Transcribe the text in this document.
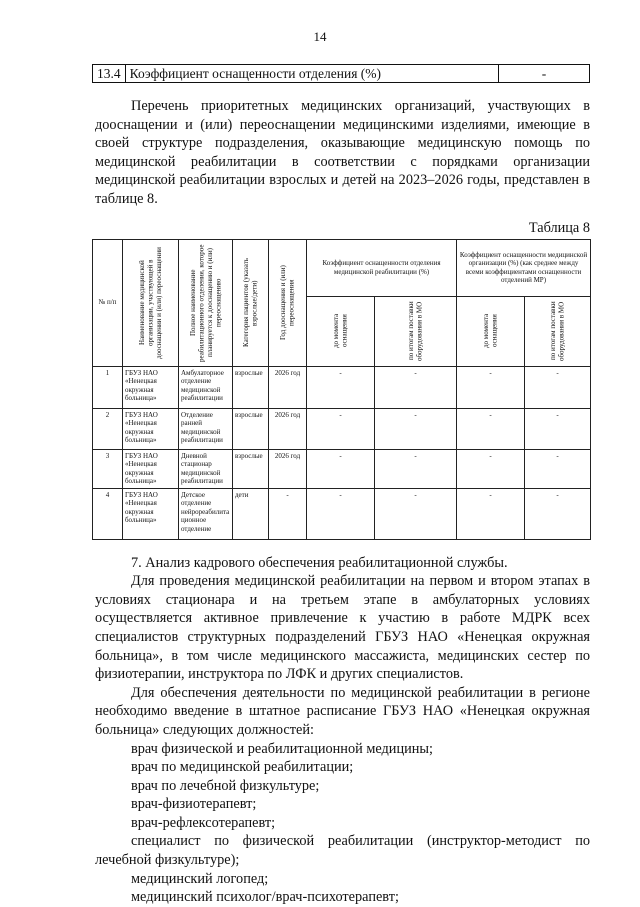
14
13.4	Коэффициент оснащенности отделения (%)	-

Перечень приоритетных медицинских организаций, участвующих в дооснащении и (или) переоснащении медицинскими изделиями, имеющие в своей структуре подразделения, оказывающие медицинскую помощь по медицинской реабилитации в соответствии с порядками организации медицинской реабилитации взрослых и детей на 2023–2026 годы, представлен в таблице 8.

Таблица 8
№ п/п	Наименование медицинской организации, участвующей в дооснащении и (или) переоснащении	Полное наименование реабилитационного отделения, которое планируется к дооснащению и (или) переоснащению	Категория пациентов (указать взрослые/дети)	Год дооснащения и (или) переоснащения	Коэффициент оснащенности отделения медицинской реабилитации (%)		Коэффициент оснащенности медицинской организации (%) (как среднее между всеми коэффициентами оснащенности отделений МР)	

					до момента оснащения	по итогам поставки оборудования в МО	до момента оснащения	по итогам поставки оборудования в МО

1	ГБУЗ НАО «Ненецкая окружная больница»	Амбулаторное отделение медицинской реабилитации	взрослые	2026 год	-	-	-	-
2	ГБУЗ НАО «Ненецкая окружная больница»	Отделение ранней медицинской реабилитации	взрослые	2026 год	-	-	-	-
3	ГБУЗ НАО «Ненецкая окружная больница»	Дневной стационар медицинской реабилитации	взрослые	2026 год	-	-	-	-
4	ГБУЗ НАО «Ненецкая окружная больница»	Детское отделение нейрореабилитационное отделение	дети	-	-	-	-	-

7. Анализ кадрового обеспечения реабилитационной службы.

Для проведения медицинской реабилитации на первом и втором этапах в условиях стационара и на третьем этапе в амбулаторных условиях осуществляется активное привлечение к участию в работе МДРК всех специалистов структурных подразделений ГБУЗ НАО «Ненецкая окружная больница», в том числе медицинского массажиста, медицинских сестер по физиотерапии, инструктора по ЛФК и других специалистов.

Для обеспечения деятельности по медицинской реабилитации в регионе необходимо введение в штатное расписание ГБУЗ НАО «Ненецкая окружная больница» следующих должностей:

врач физической и реабилитационной медицины;

врач по медицинской реабилитации;

врач по лечебной физкультуре;

врач-физиотерапевт;

врач-рефлексотерапевт;

специалист по физической реабилитации (инструктор-методист по лечебной физкультуре);

медицинский логопед;

медицинский психолог/врач-психотерапевт;
